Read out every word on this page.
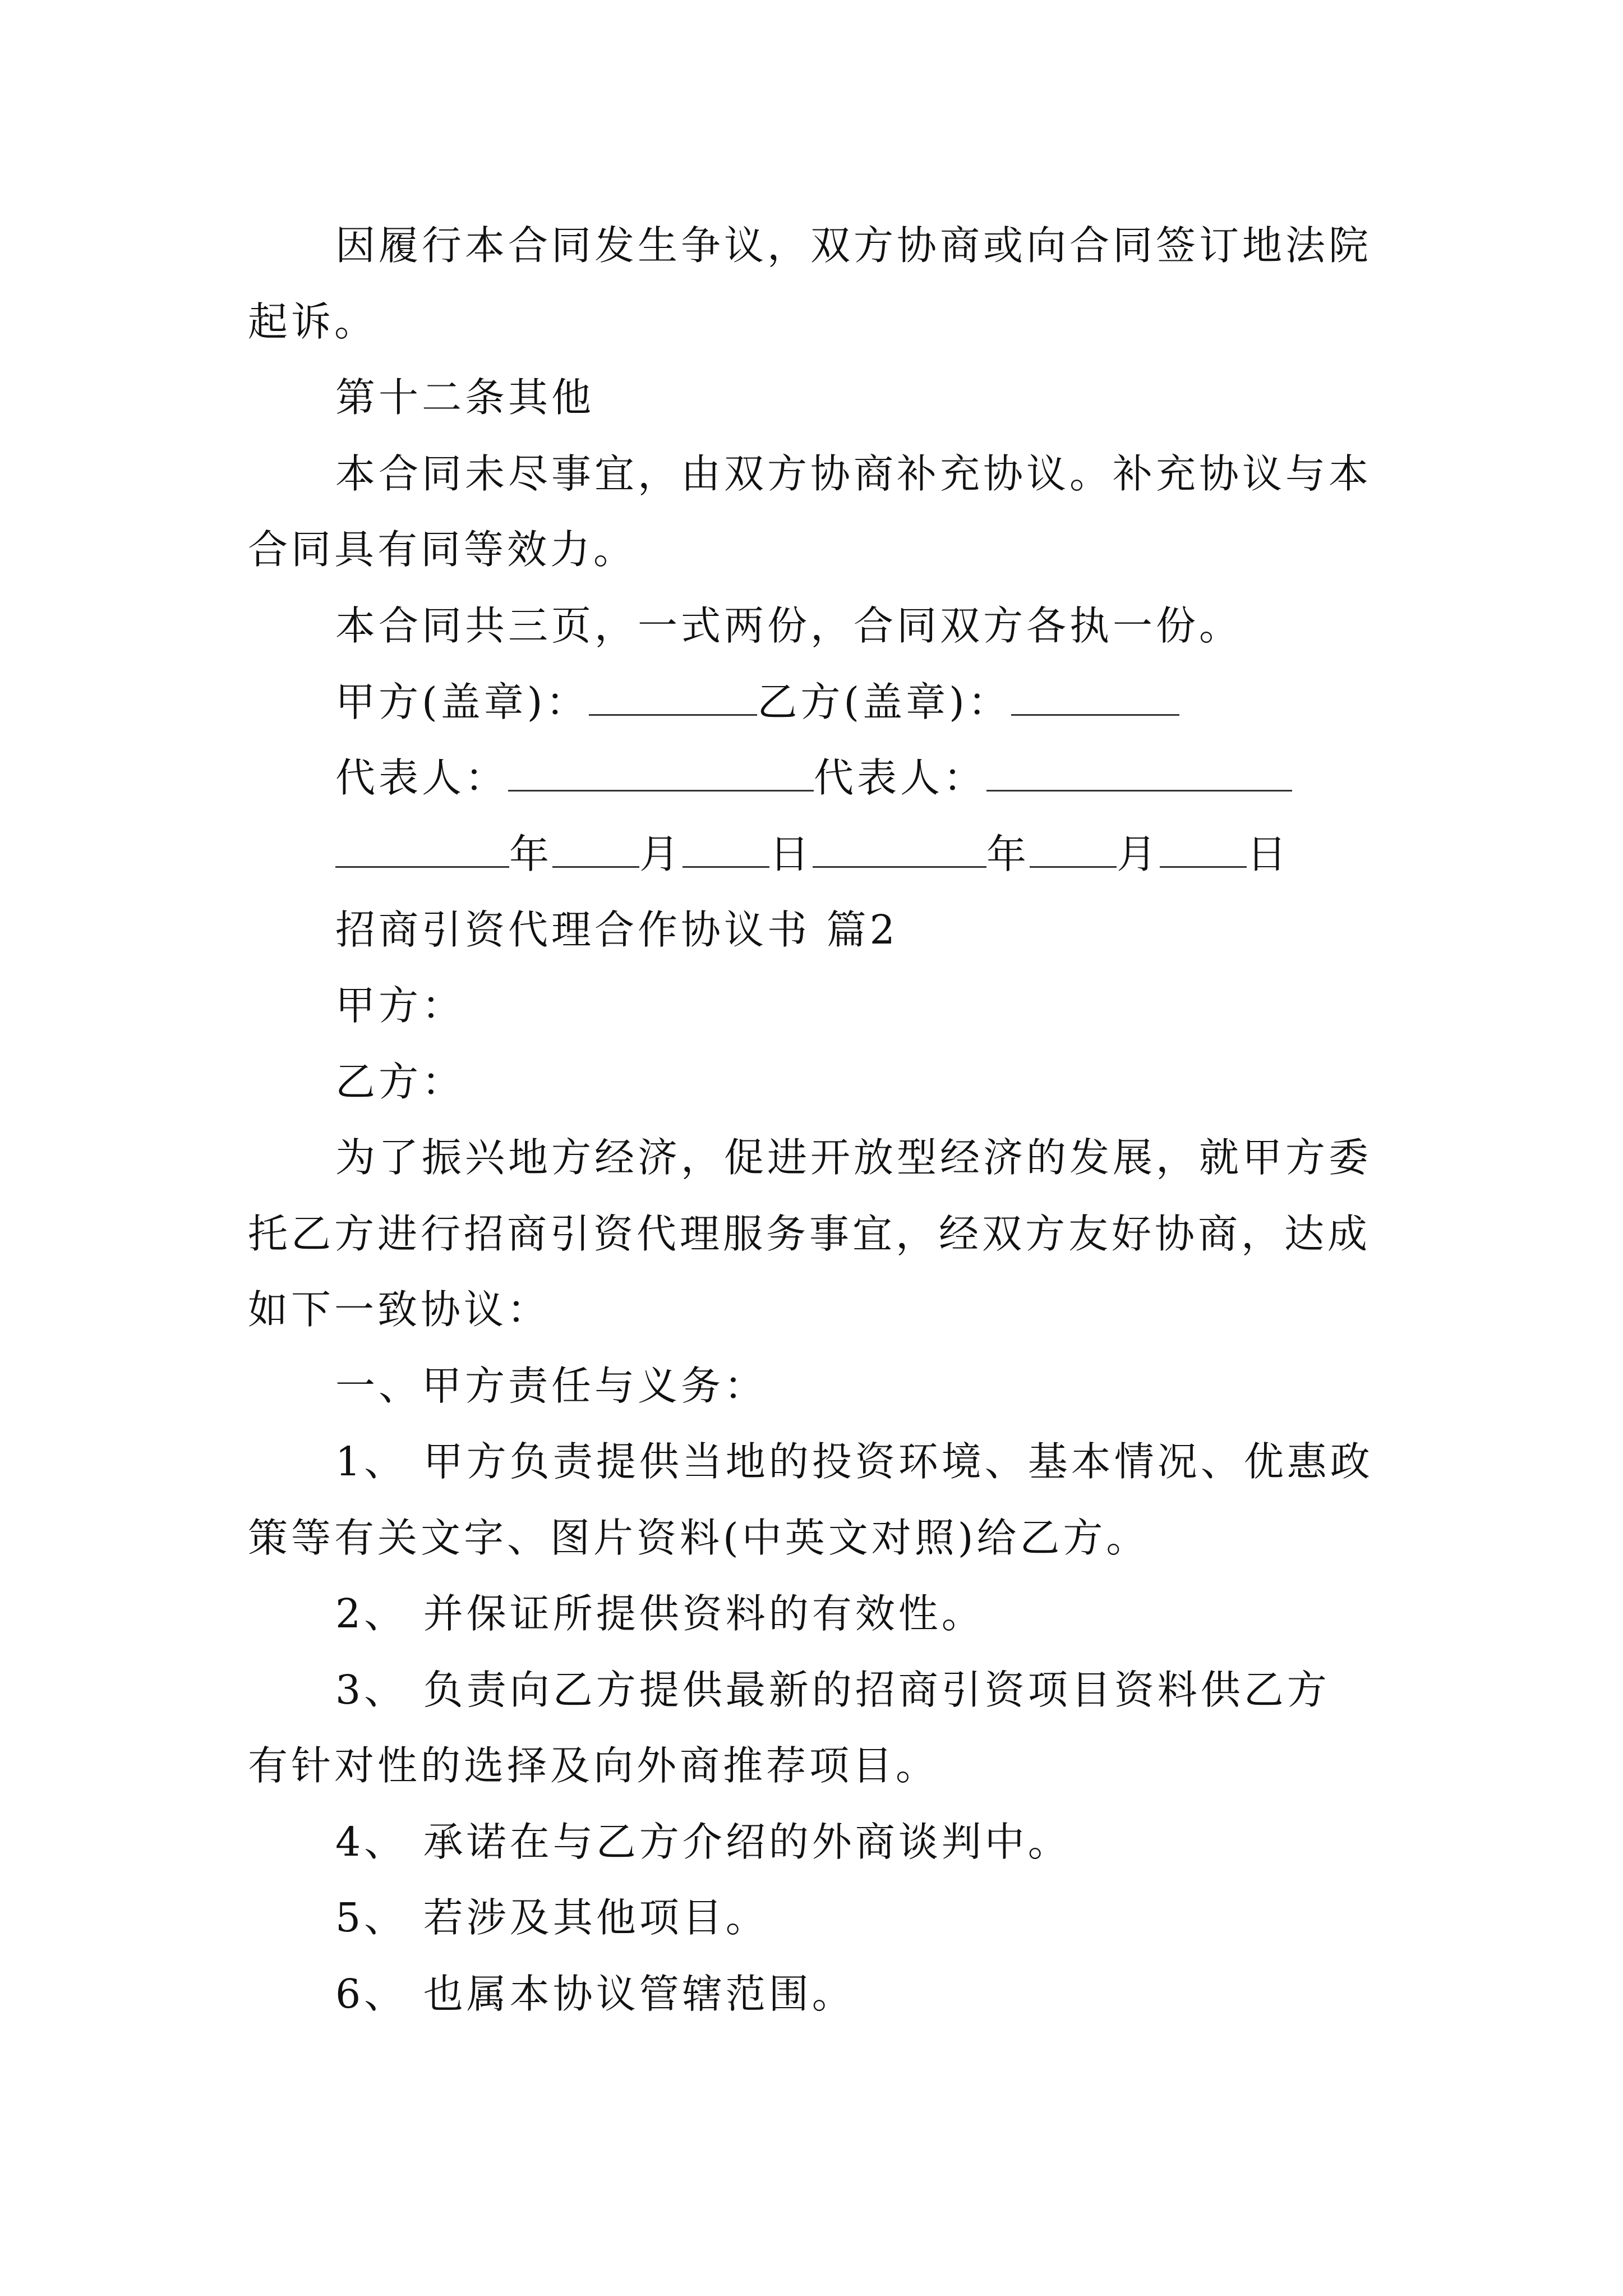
因履行本合同发生争议，双方协商或向合同签订地法院
起诉。
第十二条其他
本合同未尽事宜，由双方协商补充协议。补充协议与本
合同具有同等效力。
本合同共三页，一式两份，合同双方各执一份。
甲方(盖章)：	乙方(盖章)：
代表人：	代表人：
年 月 日	年 月 日
招商引资代理合作协议书 篇2
甲方：
乙方：
为了振兴地方经济，促进开放型经济的发展，就甲方委
托乙方进行招商引资代理服务事宜，经双方友好协商，达成
如下一致协议：
一、甲方责任与义务：
1、 甲方负责提供当地的投资环境、基本情况、优惠政
策等有关文字、图片资料(中英文对照)给乙方。
2、 并保证所提供资料的有效性。
3、 负责向乙方提供最新的招商引资项目资料供乙方
有针对性的选择及向外商推荐项目。
4、 承诺在与乙方介绍的外商谈判中。
5、 若涉及其他项目。
6、 也属本协议管辖范围。
